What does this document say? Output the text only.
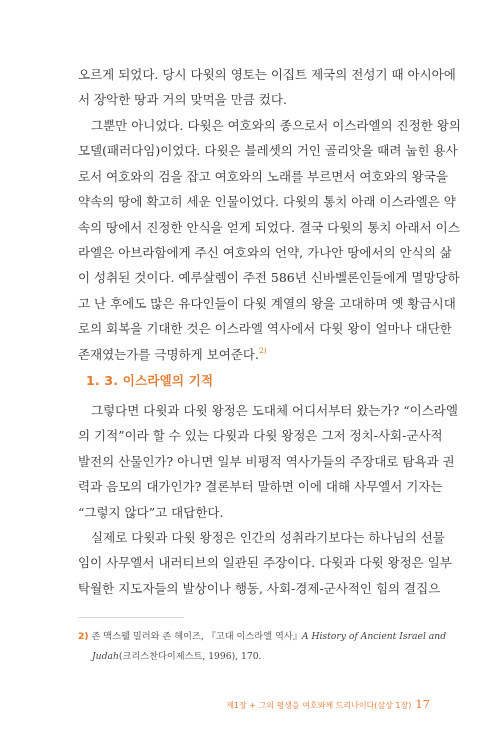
오르게 되었다. 당시 다윗의 영토는 이집트 제국의 전성기 때 아시아에
서 장악한 땅과 거의 맞먹을 만큼 컸다.

그뿐만 아니었다. 다윗은 여호와의 종으로서 이스라엘의 진정한 왕의
모델(패러다임)이었다. 다윗은 블레셋의 거인 골리앗을 때려 눕힌 용사
로서 여호와의 검을 잡고 여호와의 노래를 부르면서 여호와의 왕국을
약속의 땅에 확고히 세운 인물이었다. 다윗의 통치 아래 이스라엘은 약
속의 땅에서 진정한 안식을 얻게 되었다. 결국 다윗의 통치 아래서 이스
라엘은 아브라함에게 주신 여호와의 언약, 가나안 땅에서의 안식의 삶
이 성취된 것이다. 예루살렘이 주전 586년 신바벨론인들에게 멸망당하
고 난 후에도 많은 유다인들이 다윗 계열의 왕을 고대하며 옛 황금시대
로의 회복을 기대한 것은 이스라엘 역사에서 다윗 왕이 얼마나 대단한
존재였는가를 극명하게 보여준다.$^{2)}$

1. 3. 이스라엘의 기적

그렇다면 다윗과 다윗 왕정은 도대체 어디서부터 왔는가? “이스라엘
의 기적”이라 할 수 있는 다윗과 다윗 왕정은 그저 정치-사회-군사적
발전의 산물인가? 아니면 일부 비평적 역사가들의 주장대로 탐욕과 권
력과 음모의 대가인가? 결론부터 말하면 이에 대해 사무엘서 기자는
“그렇지 않다”고 대답한다.

실제로 다윗과 다윗 왕정은 인간의 성취라기보다는 하나님의 선물
임이 사무엘서 내러티브의 일관된 주장이다. 다윗과 다윗 왕정은 일부
탁월한 지도자들의 발상이나 행동, 사회-경제-군사적인 힘의 결집으

2) 존 맥스웰 밀러와 존 헤이즈, 『고대 이스라엘 역사』A History of Ancient Israel and
Judah(크리스찬다이제스트, 1996), 170.

제1장 + 그의 평생을 여호와께 드리나이다(삼상 1장) 17
